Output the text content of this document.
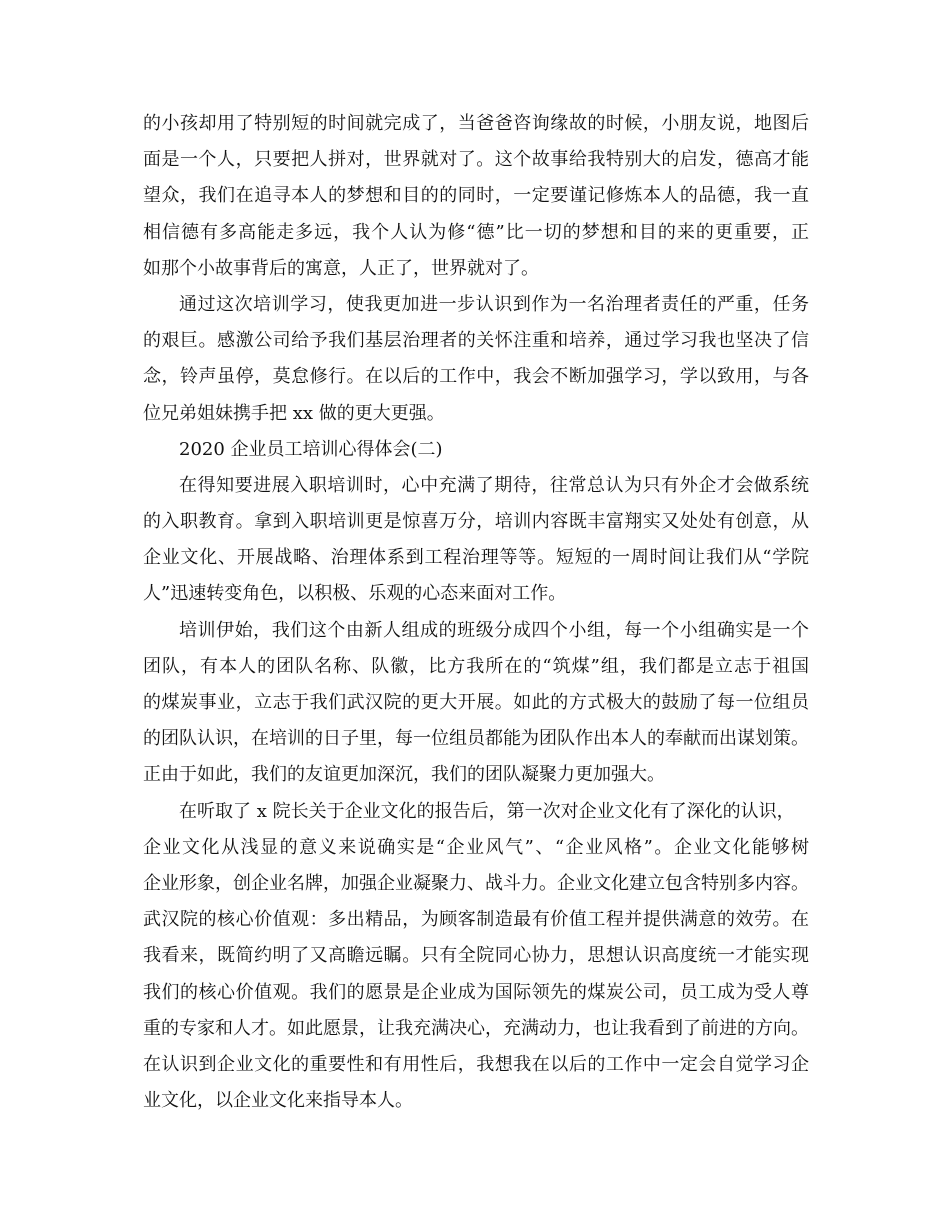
的小孩却用了特别短的时间就完成了，当爸爸咨询缘故的时候，小朋友说，地图后
面是一个人，只要把人拼对，世界就对了。这个故事给我特别大的启发，德高才能
望众，我们在追寻本人的梦想和目的的同时，一定要谨记修炼本人的品德，我一直
相信德有多高能走多远，我个人认为修“德”比一切的梦想和目的来的更重要，正
如那个小故事背后的寓意，人正了，世界就对了。
通过这次培训学习，使我更加进一步认识到作为一名治理者责任的严重，任务
的艰巨。感激公司给予我们基层治理者的关怀注重和培养，通过学习我也坚决了信
念，铃声虽停，莫怠修行。在以后的工作中，我会不断加强学习，学以致用，与各
位兄弟姐妹携手把 xx 做的更大更强。
2020 企业员工培训心得体会(二)
在得知要进展入职培训时，心中充满了期待，往常总认为只有外企才会做系统
的入职教育。拿到入职培训更是惊喜万分，培训内容既丰富翔实又处处有创意，从
企业文化、开展战略、治理体系到工程治理等等。短短的一周时间让我们从“学院
人”迅速转变角色，以积极、乐观的心态来面对工作。
培训伊始，我们这个由新人组成的班级分成四个小组，每一个小组确实是一个
团队，有本人的团队名称、队徽，比方我所在的“筑煤”组，我们都是立志于祖国
的煤炭事业，立志于我们武汉院的更大开展。如此的方式极大的鼓励了每一位组员
的团队认识，在培训的日子里，每一位组员都能为团队作出本人的奉献而出谋划策。
正由于如此，我们的友谊更加深沉，我们的团队凝聚力更加强大。
在听取了 x 院长关于企业文化的报告后，第一次对企业文化有了深化的认识，
企业文化从浅显的意义来说确实是“企业风气”、“企业风格”。企业文化能够树
企业形象，创企业名牌，加强企业凝聚力、战斗力。企业文化建立包含特别多内容。
武汉院的核心价值观：多出精品，为顾客制造最有价值工程并提供满意的效劳。在
我看来，既简约明了又高瞻远瞩。只有全院同心协力，思想认识高度统一才能实现
我们的核心价值观。我们的愿景是企业成为国际领先的煤炭公司，员工成为受人尊
重的专家和人才。如此愿景，让我充满决心，充满动力，也让我看到了前进的方向。
在认识到企业文化的重要性和有用性后，我想我在以后的工作中一定会自觉学习企
业文化，以企业文化来指导本人。
